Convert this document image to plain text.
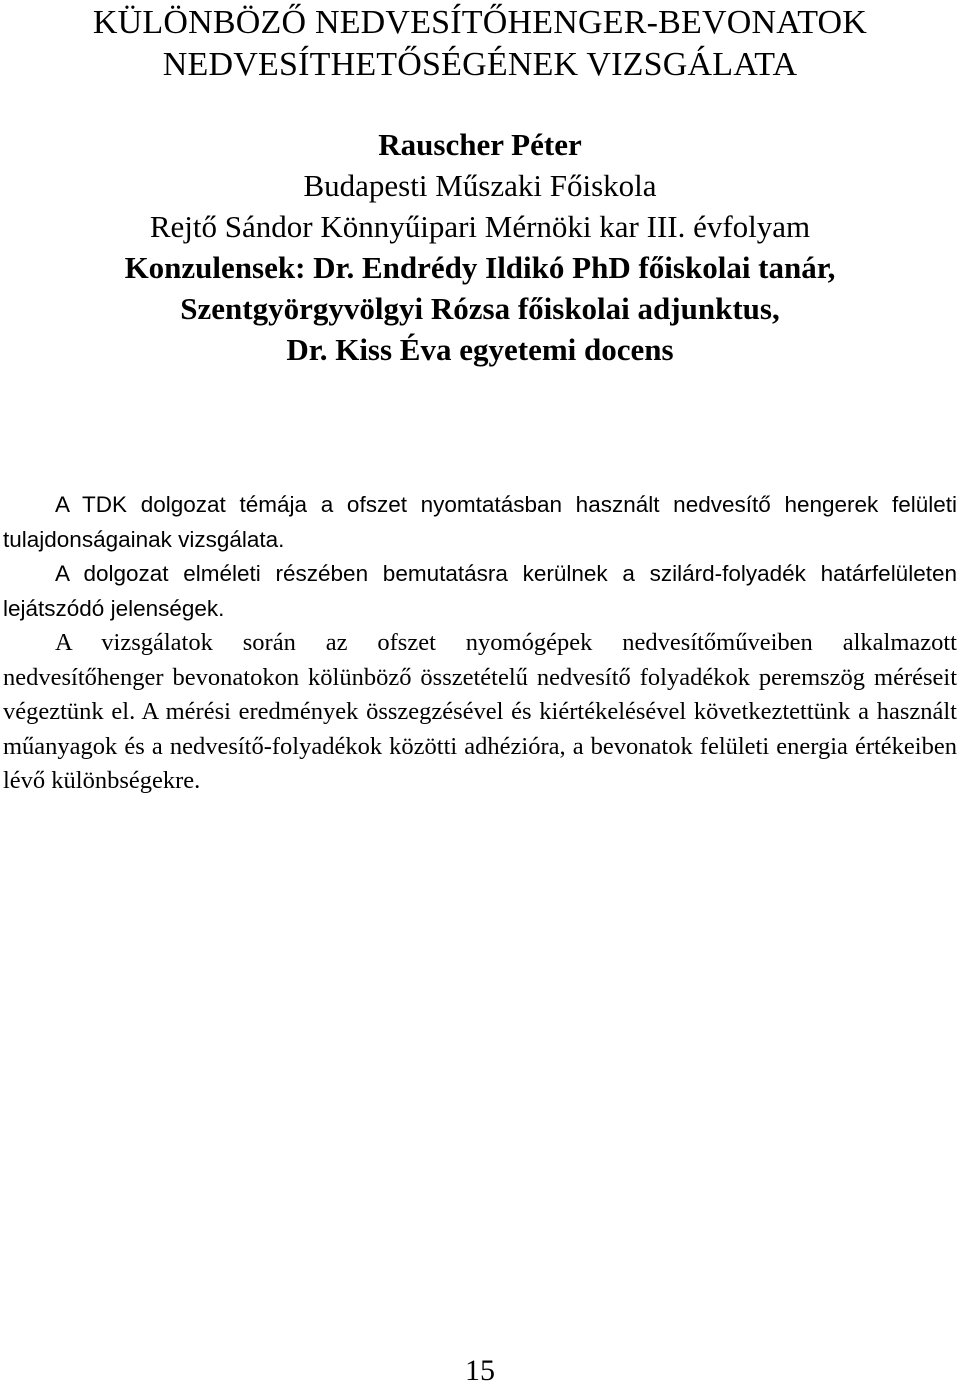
KÜLÖNBÖZŐ NEDVESÍTŐHENGER-BEVONATOK
NEDVESÍTHETŐSÉGÉNEK VIZSGÁLATA
Rauscher Péter
Budapesti Műszaki Főiskola
Rejtő Sándor Könnyűipari Mérnöki kar III. évfolyam
Konzulensek: Dr. Endrédy Ildikó PhD főiskolai tanár,
Szentgyörgyvölgyi Rózsa főiskolai adjunktus,
Dr. Kiss Éva egyetemi docens

A TDK dolgozat témája a ofszet nyomtatásban használt nedvesítő hengerek felületi tulajdonságainak vizsgálata.

A dolgozat elméleti részében bemutatásra kerülnek a szilárd-folyadék határfelületen lejátszódó jelenségek.

A vizsgálatok során az ofszet nyomógépek nedvesítőműveiben alkalmazott nedvesítőhenger bevonatokon kölünböző összetételű nedvesítő folyadékok peremszög méréseit végeztünk el. A mérési eredmények összegzésével és kiértékelésével következtettünk a használt műanyagok és a nedvesítő-folyadékok közötti adhézióra, a bevonatok felületi energia értékeiben lévő különbségekre.

15
